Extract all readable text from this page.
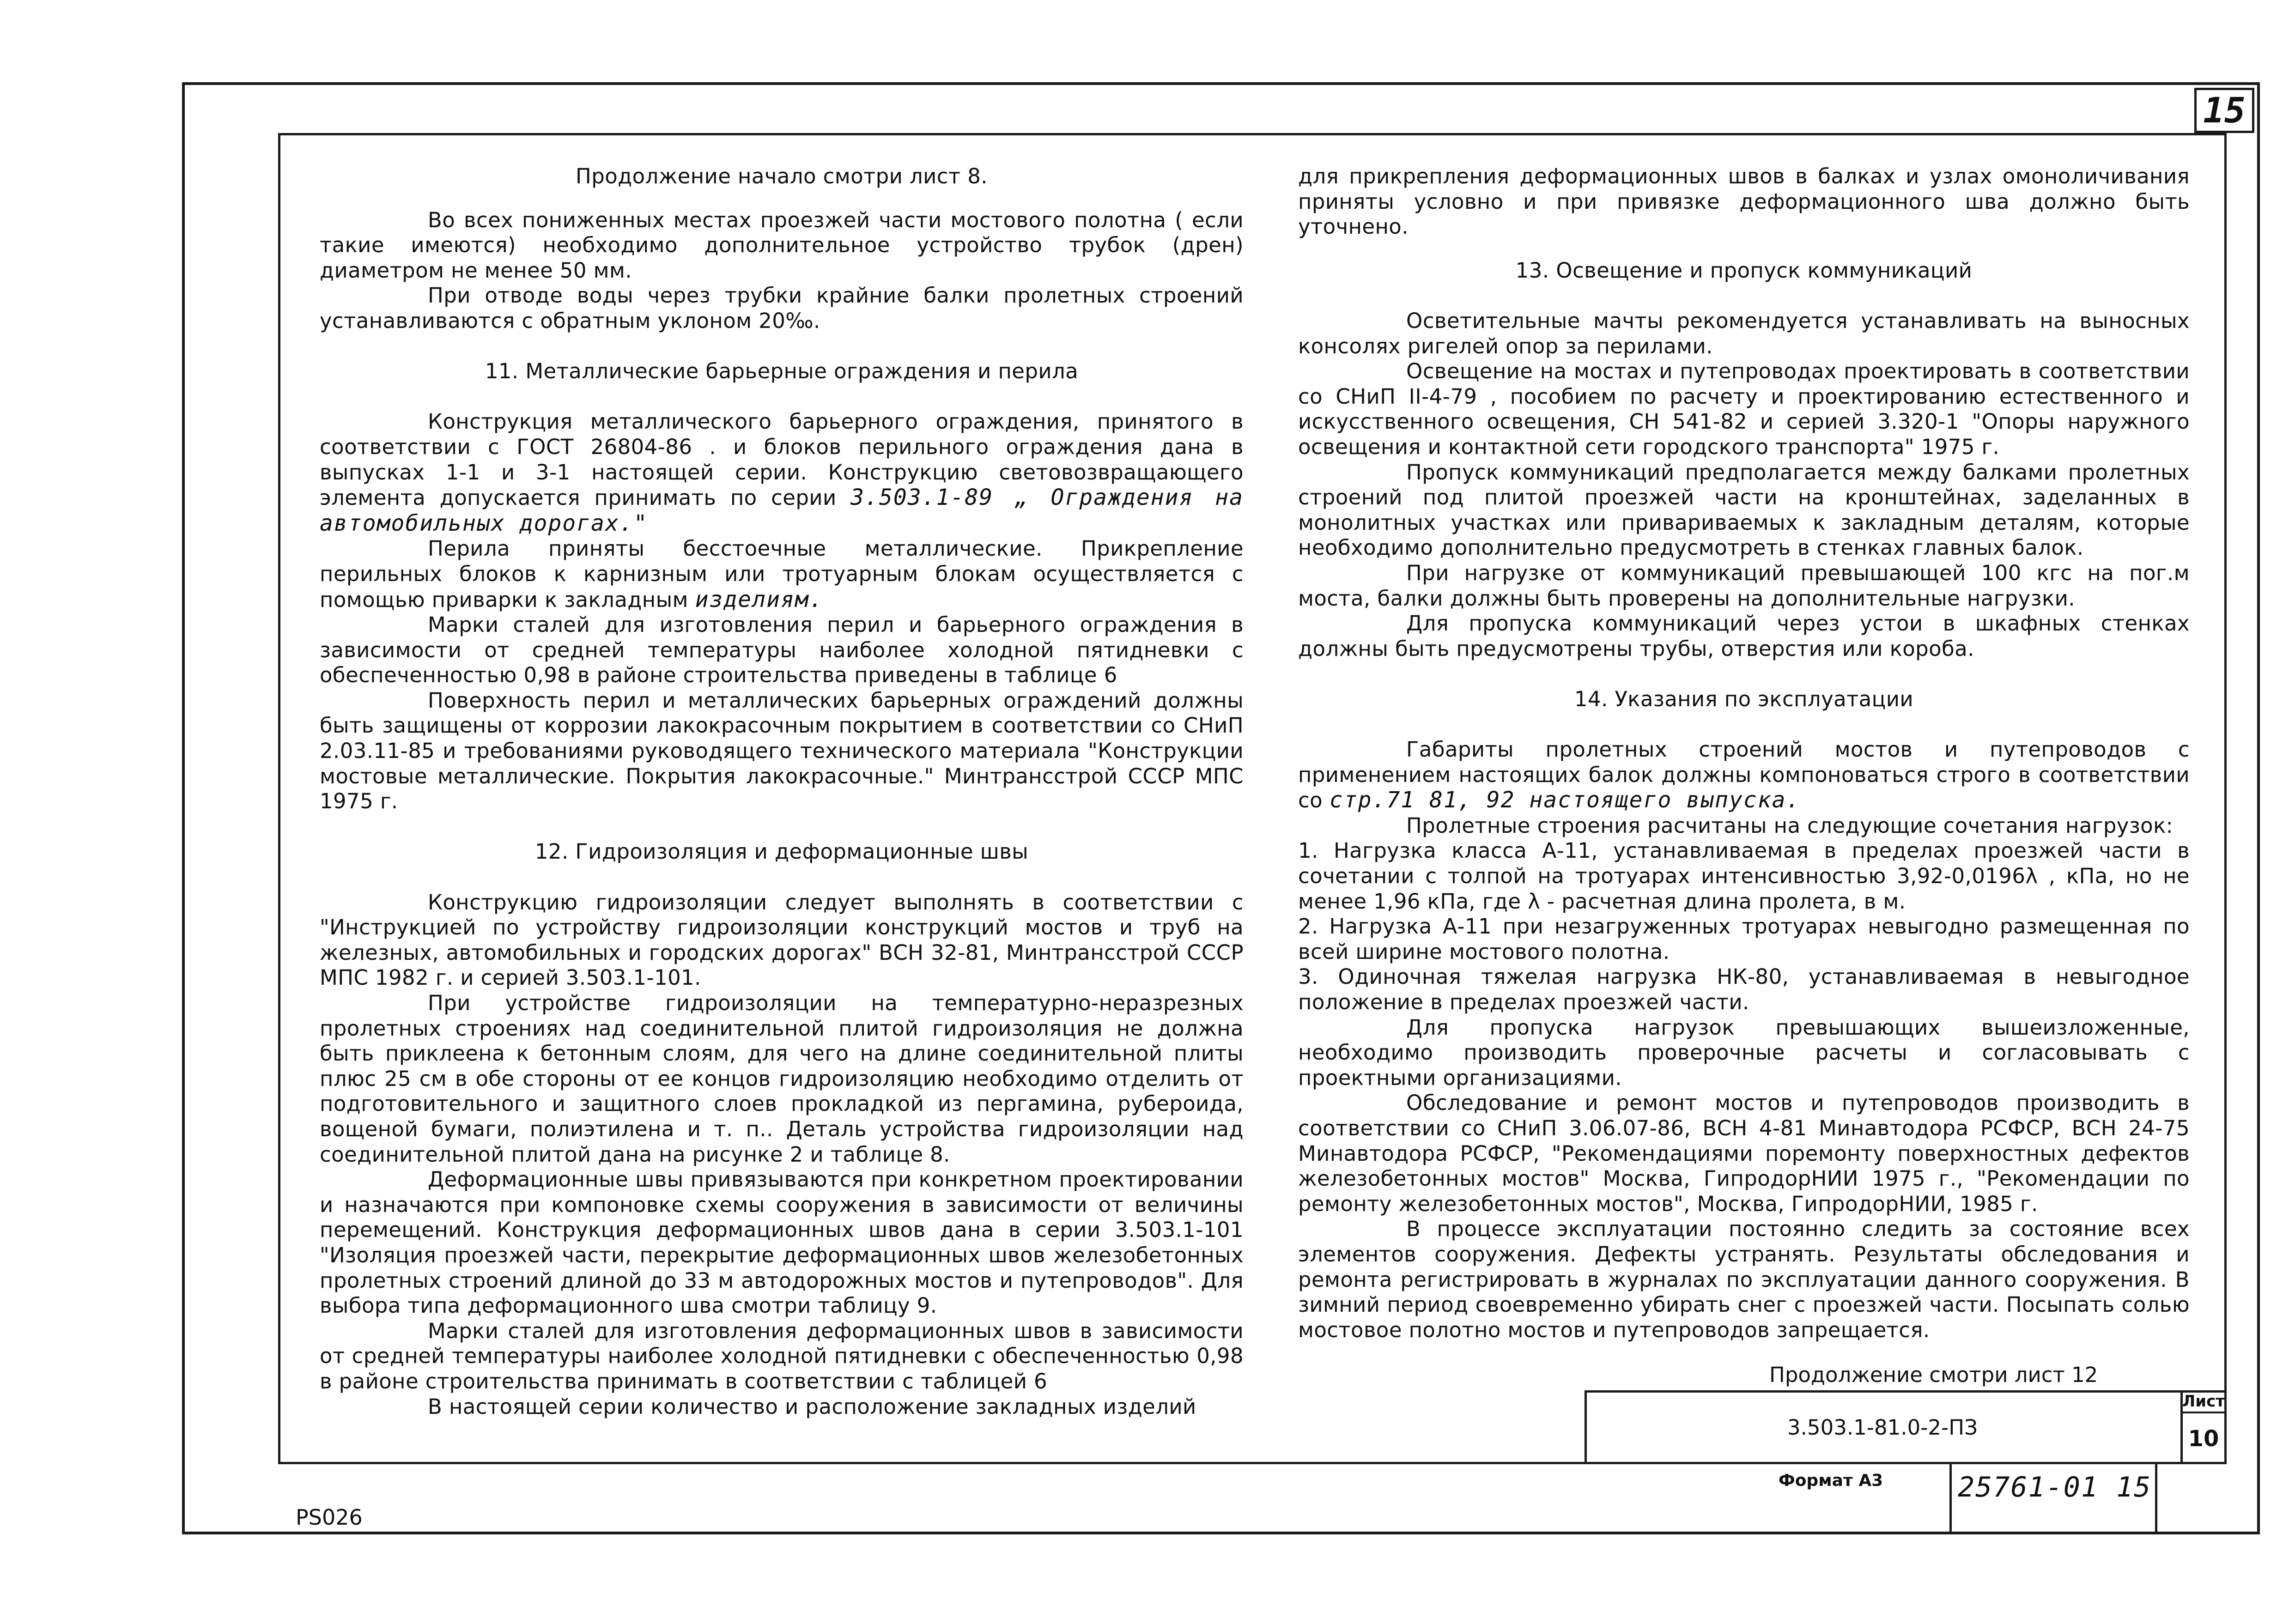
15

Продолжение начало смотри лист 8.

Во всех пониженных местах проезжей части мостового полотна ( если такие имеются) необходимо дополнительное устройство трубок (дрен) диаметром не менее 50 мм.

При отводе воды через трубки крайние балки пролетных строений устанавливаются с обратным уклоном 20‰.

11. Металлические барьерные ограждения и перила

Конструкция металлического барьерного ограждения, принятого в соответствии с ГОСТ 26804-86 . и блоков перильного ограждения дана в выпусках 1-1 и 3-1 настоящей серии. Конструкцию световозвращающего элемента допускается принимать по серии 3.503.1-89 „ Ограждения на автомобильных дорогах."

Перила приняты бесстоечные металлические. Прикрепление перильных блоков к карнизным или тротуарным блокам осуществляется с помощью приварки к закладным изделиям.

Марки сталей для изготовления перил и барьерного ограждения в зависимости от средней температуры наиболее холодной пятидневки с обеспеченностью 0,98 в районе строительства приведены в таблице 6

Поверхность перил и металлических барьерных ограждений должны быть защищены от коррозии лакокрасочным покрытием в соответствии со СНиП 2.03.11-85 и требованиями руководящего технического материала "Конструкции мостовые металлические. Покрытия лакокрасочные." Минтрансстрой СССР МПС 1975 г.

12. Гидроизоляция и деформационные швы

Конструкцию гидроизоляции следует выполнять в соответствии с "Инструкцией по устройству гидроизоляции конструкций мостов и труб на железных, автомобильных и городских дорогах" ВСН 32-81, Минтрансстрой СССР МПС 1982 г. и серией 3.503.1-101.

При устройстве гидроизоляции на температурно-неразрезных пролетных строениях над соединительной плитой гидроизоляция не должна быть приклеена к бетонным слоям, для чего на длине соединительной плиты плюс 25 см в обе стороны от ее концов гидроизоляцию необходимо отделить от подготовительного и защитного слоев прокладкой из пергамина, рубероида, вощеной бумаги, полиэтилена и т. п.. Деталь устройства гидроизоляции над соединительной плитой дана на рисунке 2 и таблице 8.

Деформационные швы привязываются при конкретном проектировании и назначаются при компоновке схемы сооружения в зависимости от величины перемещений. Конструкция деформационных швов дана в серии 3.503.1-101 "Изоляция проезжей части, перекрытие деформационных швов железобетонных пролетных строений длиной до 33 м автодорожных мостов и путепроводов". Для выбора типа деформационного шва смотри таблицу 9.

Марки сталей для изготовления деформационных швов в зависимости от средней температуры наиболее холодной пятидневки с обеспеченностью 0,98 в районе строительства принимать в соответствии с таблицей 6

В настоящей серии количество и расположение закладных изделий

для прикрепления деформационных швов в балках и узлах омоноличивания приняты условно и при привязке деформационного шва должно быть уточнено.

13. Освещение и пропуск коммуникаций

Осветительные мачты рекомендуется устанавливать на выносных консолях ригелей опор за перилами.

Освещение на мостах и путепроводах проектировать в соответствии со СНиП II-4-79 , пособием по расчету и проектированию естественного и искусственного освещения, СН 541-82 и серией 3.320-1 "Опоры наружного освещения и контактной сети городского транспорта" 1975 г.

Пропуск коммуникаций предполагается между балками пролетных строений под плитой проезжей части на кронштейнах, заделанных в монолитных участках или привариваемых к закладным деталям, которые необходимо дополнительно предусмотреть в стенках главных балок.

При нагрузке от коммуникаций превышающей 100 кгс на пог.м моста, балки должны быть проверены на дополнительные нагрузки.

Для пропуска коммуникаций через устои в шкафных стенках должны быть предусмотрены трубы, отверстия или короба.

14. Указания по эксплуатации

Габариты пролетных строений мостов и путепроводов с применением настоящих балок должны компоноваться строго в соответствии со стр.71 81, 92 настоящего выпуска.

Пролетные строения расчитаны на следующие сочетания нагрузок:

1. Нагрузка класса А-11, устанавливаемая в пределах проезжей части в сочетании с толпой на тротуарах интенсивностью 3,92-0,0196λ , кПа, но не менее 1,96 кПа, где λ - расчетная длина пролета, в м.

2. Нагрузка А-11 при незагруженных тротуарах невыгодно размещенная по всей ширине мостового полотна.

3. Одиночная тяжелая нагрузка НК-80, устанавливаемая в невыгодное положение в пределах проезжей части.

Для пропуска нагрузок превышающих вышеизложенные, необходимо производить проверочные расчеты и согласовывать с проектными организациями.

Обследование и ремонт мостов и путепроводов производить в соответствии со СНиП 3.06.07-86, ВСН 4-81 Минавтодора РСФСР, ВСН 24-75 Минавтодора РСФСР, "Рекомендациями поремонту поверхностных дефектов железобетонных мостов" Москва, ГипродорНИИ 1975 г., "Рекомендации по ремонту железобетонных мостов", Москва, ГипродорНИИ, 1985 г.

В процессе эксплуатации постоянно следить за состояние всех элементов сооружения. Дефекты устранять. Результаты обследования и ремонта регистрировать в журналах по эксплуатации данного сооружения. В зимний период своевременно убирать снег с проезжей части. Посыпать солью мостовое полотно мостов и путепроводов запрещается.

Продолжение смотри лист 12
3.503.1-81.0-2-ПЗ
Лист
10
Формат А3	25761-01 15
PS026
